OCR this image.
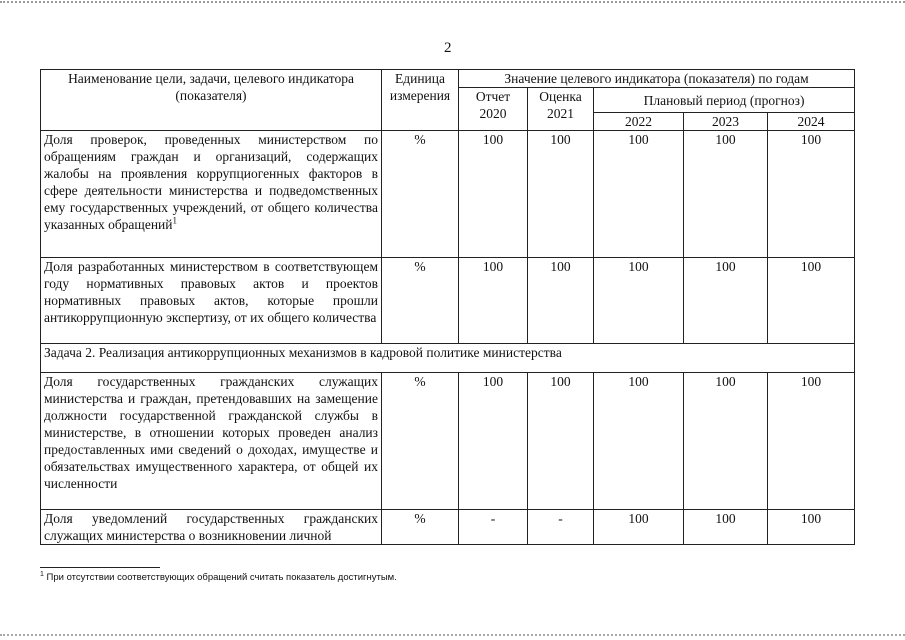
2
Наименование цели, задачи, целевого индикатора (показателя)	Единица измерения	Значение целевого индикатора (показателя) по годам				
		Отчет 2020	Оценка 2021	Плановый период (прогноз)		
				2022	2023	2024
Доля проверок, проведенных министерством по обращениям граждан и организаций, содержащих жалобы на проявления коррупциогенных факторов в сфере деятельности министерства и подведомственных ему государственных учреждений, от общего количества указанных обращений$^1$	%	100	100	100	100	100
Доля разработанных министерством в соответствующем году нормативных правовых актов и проектов нормативных правовых актов, которые прошли антикоррупционную экспертизу, от их общего количества	%	100	100	100	100	100
Задача 2. Реализация антикоррупционных механизмов в кадровой политике министерства						
Доля государственных гражданских служащих министерства и граждан, претендовавших на замещение должности государственной гражданской службы в министерстве, в отношении которых проведен анализ предоставленных ими сведений о доходах, имуществе и обязательствах имущественного характера, от общей их численности	%	100	100	100	100	100
Доля уведомлений государственных гражданских служащих министерства о возникновении личной	%	-	-	100	100	100
$^1$ При отсутствии соответствующих обращений считать показатель достигнутым.
